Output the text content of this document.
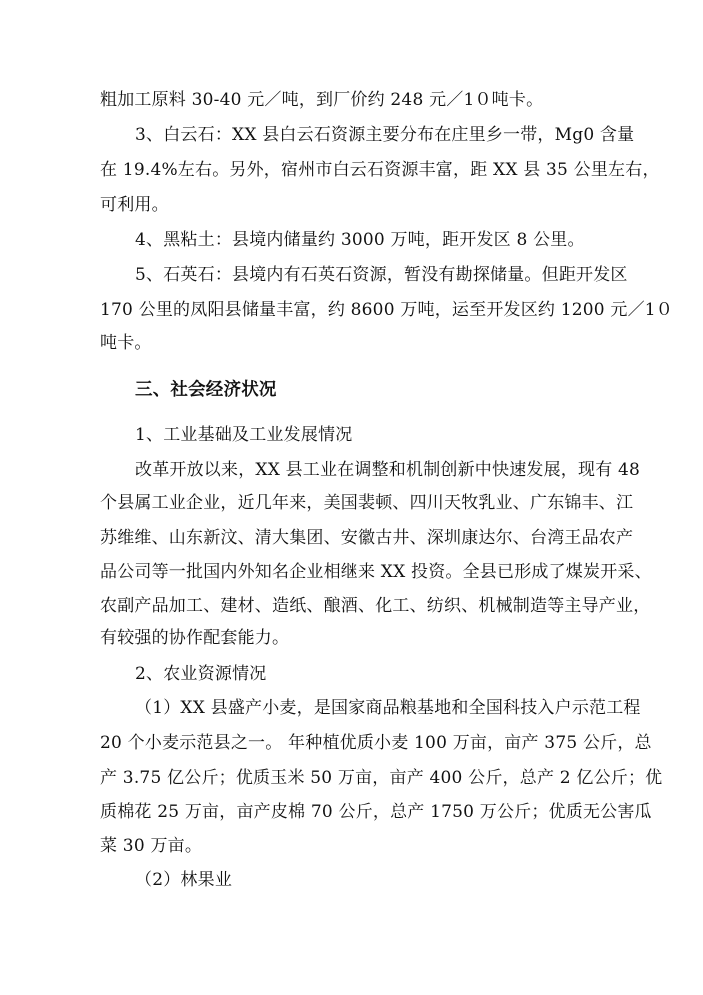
粗加工原料 30-40 元／吨，到厂价约 248 元／1０吨卡。
3、白云石：XX 县白云石资源主要分布在庄里乡一带，Mg0 含量
在 19.4%左右。另外，宿州市白云石资源丰富，距 XX 县 35 公里左右，
可利用。
4、黑粘土：县境内储量约 3000 万吨，距开发区 8 公里。
5、石英石：县境内有石英石资源，暂没有勘探储量。但距开发区
170 公里的凤阳县储量丰富，约 8600 万吨，运至开发区约 1200 元／1０
吨卡。
三、社会经济状况
1、工业基础及工业发展情况
改革开放以来，XX 县工业在调整和机制创新中快速发展，现有 48
个县属工业企业，近几年来，美国裴顿、四川天牧乳业、广东锦丰、江
苏维维、山东新汶、清大集团、安徽古井、深圳康达尔、台湾王品农产
品公司等一批国内外知名企业相继来 XX 投资。全县已形成了煤炭开采、
农副产品加工、建材、造纸、酿酒、化工、纺织、机械制造等主导产业，
有较强的协作配套能力。
2、农业资源情况
（1）XX 县盛产小麦，是国家商品粮基地和全国科技入户示范工程
20 个小麦示范县之一。 年种植优质小麦 100 万亩，亩产 375 公斤，总
产 3.75 亿公斤；优质玉米 50 万亩，亩产 400 公斤，总产 2 亿公斤；优
质棉花 25 万亩，亩产皮棉 70 公斤，总产 1750 万公斤；优质无公害瓜
菜 30 万亩。
（2）林果业
